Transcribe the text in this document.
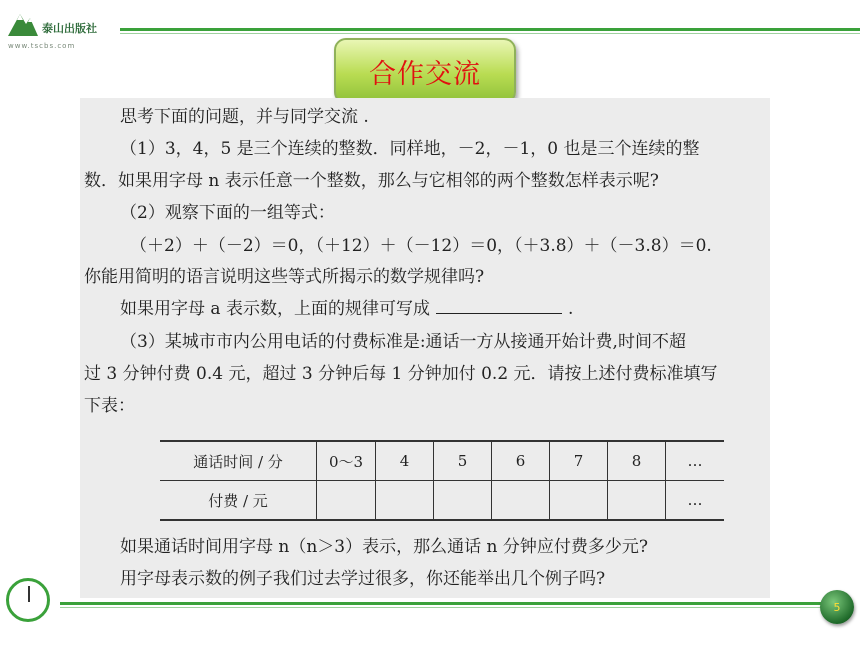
泰山出版社
www.tscbs.com
合作交流
思考下面的问题，并与同学交流 .
（1）3，4，5 是三个连续的整数．同样地，－2，－1，0 也是三个连续的整
数．如果用字母 n 表示任意一个整数，那么与它相邻的两个整数怎样表示呢?
（2）观察下面的一组等式：
（＋2）＋（－2）＝0，（＋12）＋（－12）＝0，（＋3.8）＋（－3.8）＝0.
你能用简明的语言说明这些等式所揭示的数学规律吗?
如果用字母 a 表示数，上面的规律可写成	.
（3）某城市市内公用电话的付费标准是:通话一方从接通开始计费,时间不超
过 3 分钟付费 0.4 元，超过 3 分钟后每 1 分钟加付 0.2 元．请按上述付费标准填写
下表：
通话时间 / 分	0～3	4	5	6	7	8	…
付费 / 元							…
如果通话时间用字母 n（n＞3）表示，那么通话 n 分钟应付费多少元?
用字母表示数的例子我们过去学过很多，你还能举出几个例子吗?
5
